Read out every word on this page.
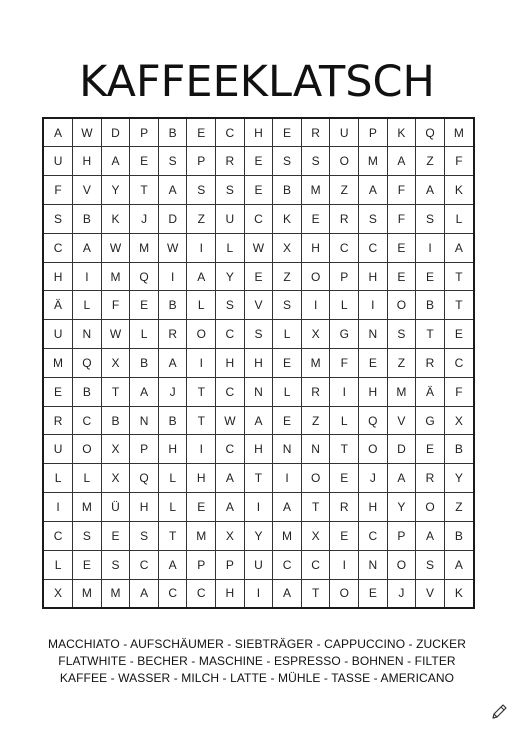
KAFFEEKLATSCH
A	W	D	P	B	E	C	H	E	R	U	P	K	Q	M
U	H	A	E	S	P	R	E	S	S	O	M	A	Z	F
F	V	Y	T	A	S	S	E	B	M	Z	A	F	A	K
S	B	K	J	D	Z	U	C	K	E	R	S	F	S	L
C	A	W	M	W	I	L	W	X	H	C	C	E	I	A
H	I	M	Q	I	A	Y	E	Z	O	P	H	E	E	T
Ä	L	F	E	B	L	S	V	S	I	L	I	O	B	T
U	N	W	L	R	O	C	S	L	X	G	N	S	T	E
M	Q	X	B	A	I	H	H	E	M	F	E	Z	R	C
E	B	T	A	J	T	C	N	L	R	I	H	M	Ä	F
R	C	B	N	B	T	W	A	E	Z	L	Q	V	G	X
U	O	X	P	H	I	C	H	N	N	T	O	D	E	B
L	L	X	Q	L	H	A	T	I	O	E	J	A	R	Y
I	M	Ü	H	L	E	A	I	A	T	R	H	Y	O	Z
C	S	E	S	T	M	X	Y	M	X	E	C	P	A	B
L	E	S	C	A	P	P	U	C	C	I	N	O	S	A
X	M	M	A	C	C	H	I	A	T	O	E	J	V	K
MACCHIATO - AUFSCHÄUMER - SIEBTRÄGER - CAPPUCCINO - ZUCKER
FLATWHITE - BECHER - MASCHINE - ESPRESSO - BOHNEN - FILTER
KAFFEE - WASSER - MILCH - LATTE - MÜHLE - TASSE - AMERICANO
